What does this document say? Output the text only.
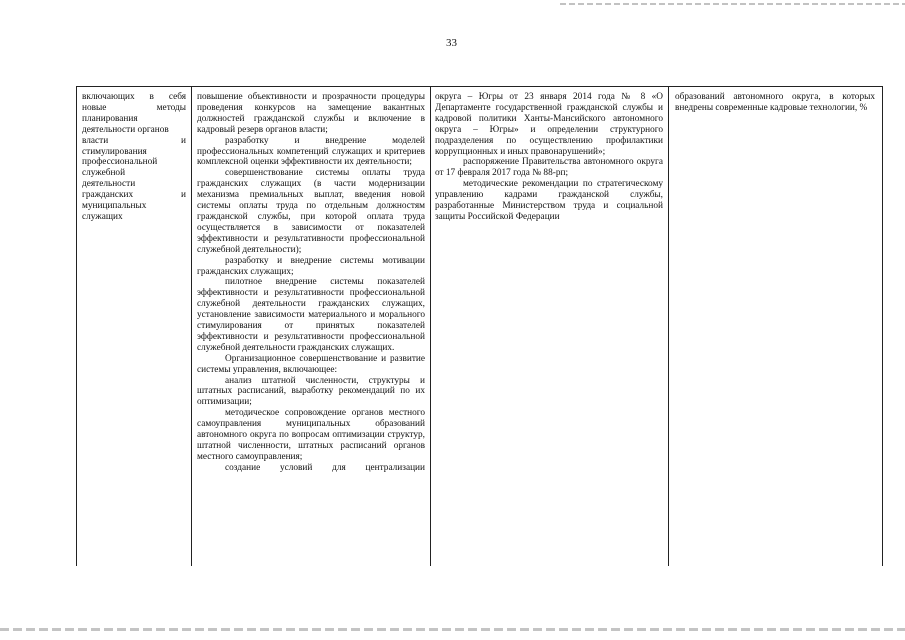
33
включающих в себя
новые методы
планирования
деятельности органов
власти и
стимулирования
профессиональной
служебной
деятельности
гражданских и
муниципальных
служащих

повышение объективности и прозрачности процедуры проведения конкурсов на замещение вакантных должностей гражданской службы и включение в кадровый резерв органов власти;

разработку и внедрение моделей профессиональных компетенций служащих и критериев комплексной оценки эффективности их деятельности;

совершенствование системы оплаты труда гражданских служащих (в части модернизации механизма премиальных выплат, введения новой системы оплаты труда по отдельным должностям гражданской службы, при которой оплата труда осуществляется в зависимости от показателей эффективности и результативности профессиональной служебной деятельности);

разработку и внедрение системы мотивации гражданских служащих;

пилотное внедрение системы показателей эффективности и результативности профессиональной служебной деятельности гражданских служащих, установление зависимости материального и морального стимулирования от принятых показателей эффективности и результативности профессиональной служебной деятельности гражданских служащих.

Организационное совершенствование и развитие системы управления, включающее:

анализ штатной численности, структуры и штатных расписаний, выработку рекомендаций по их оптимизации;

методическое сопровождение органов местного самоуправления муниципальных образований автономного округа по вопросам оптимизации структур, штатной численности, штатных расписаний органов местного самоуправления;

создание условий для централизации

округа – Югры от 23 января 2014 года № 8 «О Департаменте государственной гражданской службы и кадровой политики Ханты-Мансийского автономного округа – Югры» и определении структурного подразделения по осуществлению профилактики коррупционных и иных правонарушений»;

распоряжение Правительства автономного округа от 17 февраля 2017 года № 88-рп;

методические рекомендации по стратегическому управлению кадрами гражданской службы, разработанные Министерством труда и социальной защиты Российской Федерации

образований автономного округа, в которых внедрены современные кадровые технологии, %
